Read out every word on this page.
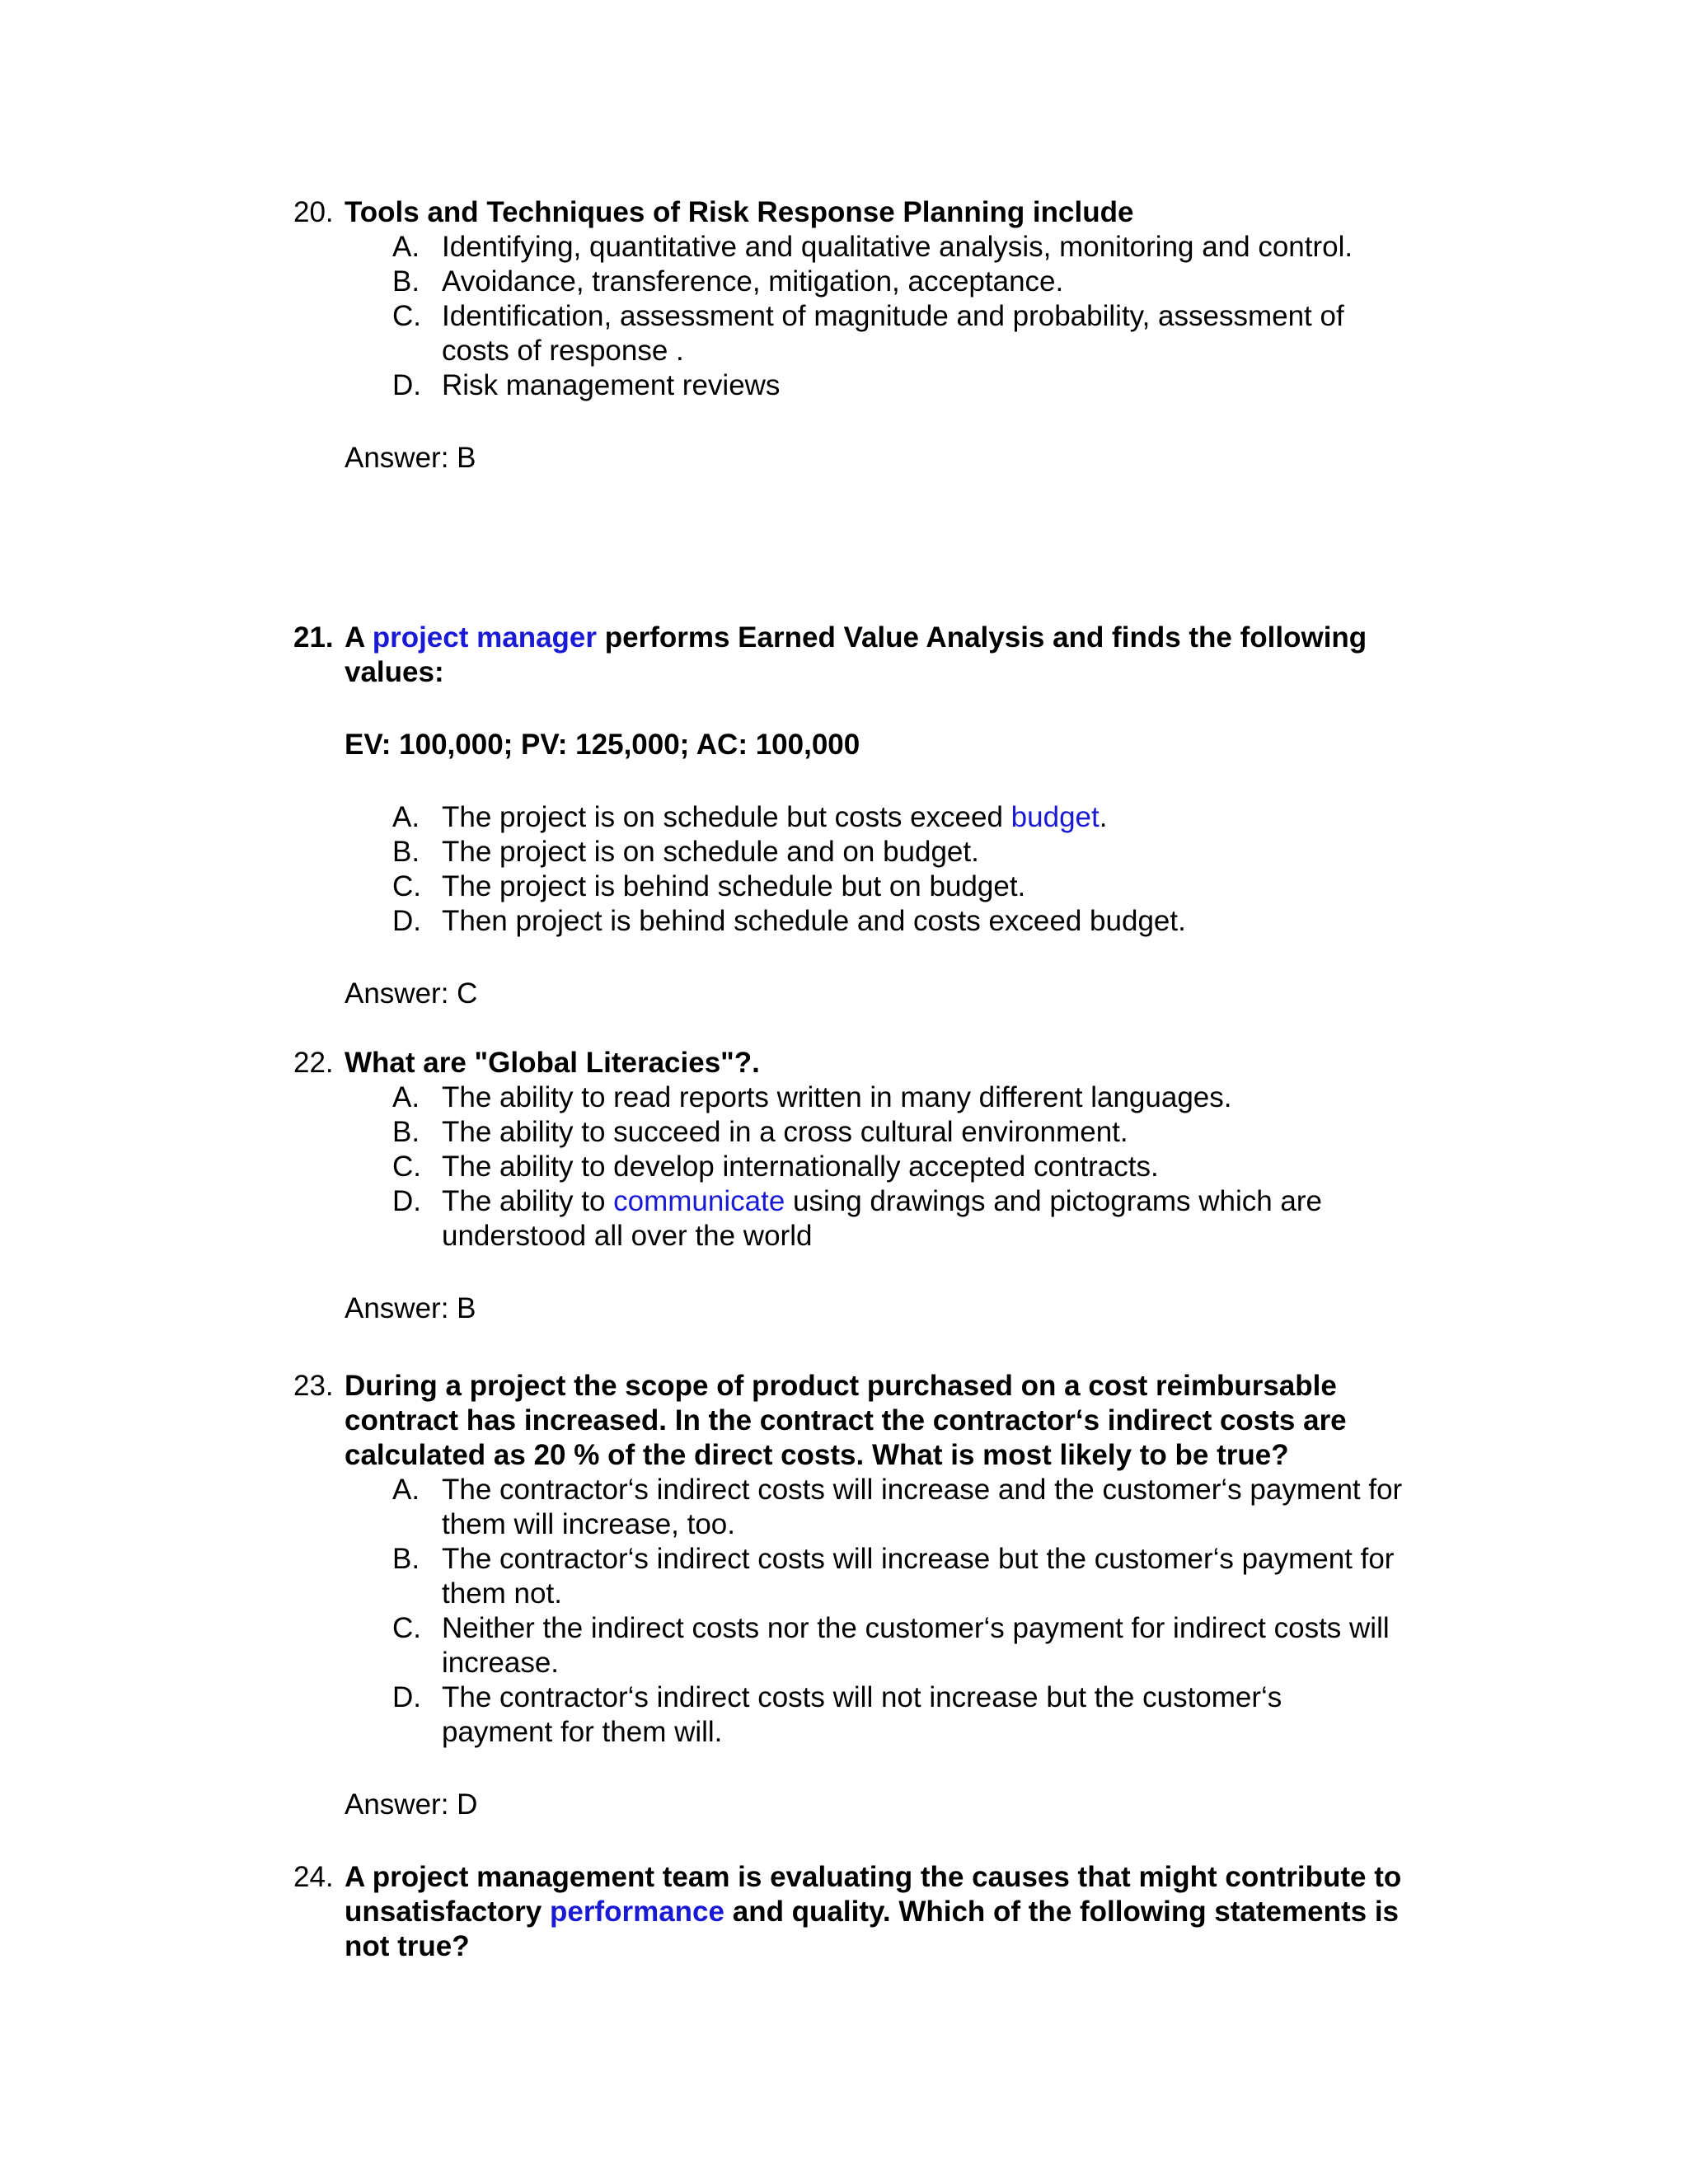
20. Tools and Techniques of Risk Response Planning include
A. Identifying, quantitative and qualitative analysis, monitoring and control.
B. Avoidance, transference, mitigation, acceptance.
C. Identification, assessment of magnitude and probability, assessment of costs of response .
D. Risk management reviews
Answer: B
21. A project manager performs Earned Value Analysis and finds the following values:
EV: 100,000; PV: 125,000; AC: 100,000
A. The project is on schedule but costs exceed budget.
B. The project is on schedule and on budget.
C. The project is behind schedule but on budget.
D. Then project is behind schedule and costs exceed budget.
Answer: C
22. What are "Global Literacies"?.
A. The ability to read reports written in many different languages.
B. The ability to succeed in a cross cultural environment.
C. The ability to develop internationally accepted contracts.
D. The ability to communicate using drawings and pictograms which are understood all over the world
Answer: B
23. During a project the scope of product purchased on a cost reimbursable contract has increased. In the contract the contractor‘s indirect costs are calculated as 20 % of the direct costs. What is most likely to be true?
A. The contractor‘s indirect costs will increase and the customer‘s payment for them will increase, too.
B. The contractor‘s indirect costs will increase but the customer‘s payment for them not.
C. Neither the indirect costs nor the customer‘s payment for indirect costs will increase.
D. The contractor‘s indirect costs will not increase but the customer‘s payment for them will.
Answer: D
24. A project management team is evaluating the causes that might contribute to unsatisfactory performance and quality. Which of the following statements is not true?
